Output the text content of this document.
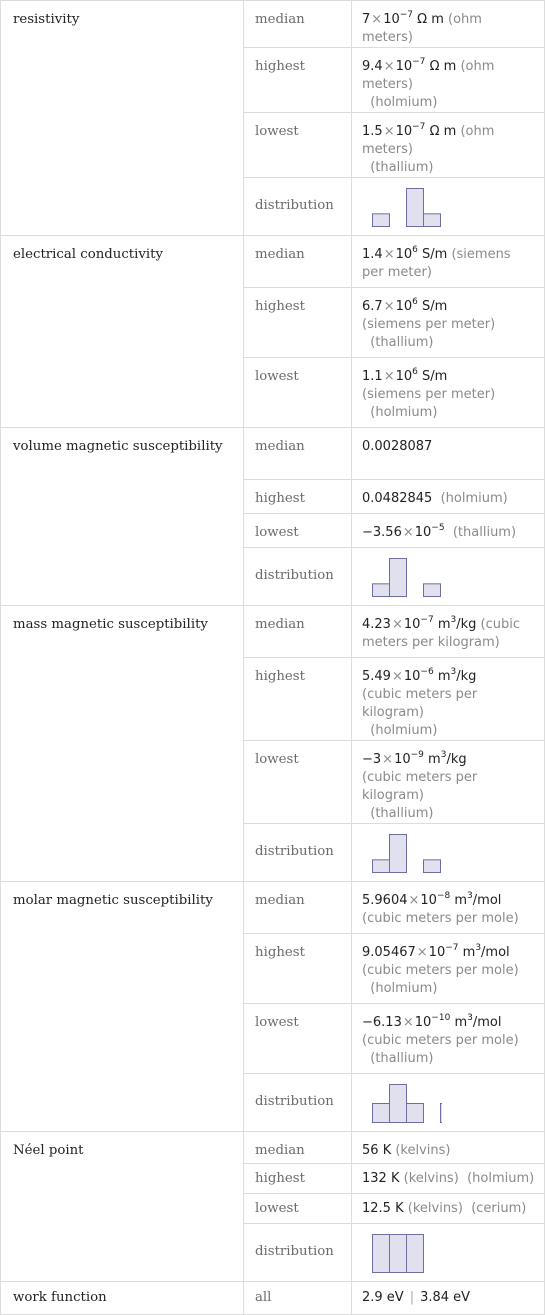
resistivity	median	$7\times 10^{-7}$ Ω m (ohm meters)
	highest	$9.4\times 10^{-7}$ Ω m (ohm meters)
(holmium)
	lowest	$1.5\times 10^{-7}$ Ω m (ohm meters)
(thallium)
	distribution	
electrical conductivity	median	$1.4\times 10^6$ S/m (siemens per meter)
	highest	$6.7\times 10^6$ S/m
(siemens per meter)
(thallium)
	lowest	$1.1\times 10^6$ S/m
(siemens per meter)
(holmium)
volume magnetic susceptibility	median	0.0028087
	highest	0.0482845 (holmium)
	lowest	$-3.56\times 10^{-5}$ (thallium)
	distribution	
mass magnetic susceptibility	median	$4.23\times 10^{-7}$ $m^3/kg$ (cubic meters per kilogram)
	highest	$5.49\times 10^{-6}$ $m^3/kg$
(cubic meters per kilogram)
(holmium)
	lowest	$-3\times 10^{-9}$ $m^3/kg$
(cubic meters per kilogram)
(thallium)
	distribution	
molar magnetic susceptibility	median	$5.9604\times 10^{-8}$ $m^3$/mol (cubic meters per mole)
	highest	$9.05467\times 10^{-7}$ $m^3$/mol
(cubic meters per mole)
(holmium)
	lowest	$-6.13\times 10^{-10}$ $m^3$/mol
(cubic meters per mole)
(thallium)
	distribution	
Néel point	median	56 K (kelvins)
	highest	132 K (kelvins) (holmium)
	lowest	12.5 K (kelvins) (cerium)
	distribution	
work function	all	2.9 eV | 3.84 eV
